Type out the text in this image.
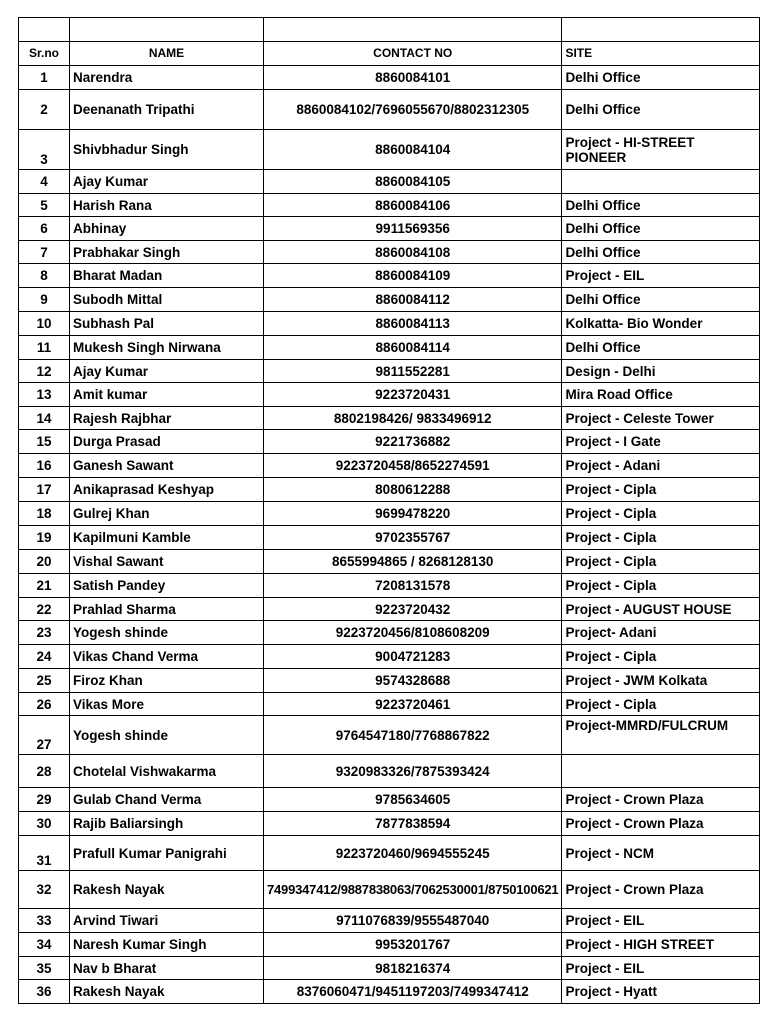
Sr.no	NAME	CONTACT NO	SITE
1	Narendra	8860084101	Delhi Office
2	Deenanath Tripathi	8860084102/7696055670/8802312305	Delhi Office
3	Shivbhadur Singh	8860084104	Project - HI-STREET PIONEER
4	Ajay Kumar	8860084105	
5	Harish Rana	8860084106	Delhi Office
6	Abhinay	9911569356	Delhi Office
7	Prabhakar Singh	8860084108	Delhi Office
8	Bharat Madan	8860084109	Project - EIL
9	Subodh Mittal	8860084112	Delhi Office
10	Subhash Pal	8860084113	Kolkatta- Bio Wonder
11	Mukesh Singh Nirwana	8860084114	Delhi Office
12	Ajay Kumar	9811552281	Design - Delhi
13	Amit kumar	9223720431	Mira Road Office
14	Rajesh Rajbhar	8802198426/ 9833496912	Project - Celeste Tower
15	Durga Prasad	9221736882	Project - I Gate
16	Ganesh Sawant	9223720458/8652274591	Project - Adani
17	Anikaprasad Keshyap	8080612288	Project - Cipla
18	Gulrej Khan	9699478220	Project - Cipla
19	Kapilmuni Kamble	9702355767	Project - Cipla
20	Vishal Sawant	8655994865 / 8268128130	Project - Cipla
21	Satish Pandey	7208131578	Project - Cipla
22	Prahlad Sharma	9223720432	Project - AUGUST HOUSE
23	Yogesh shinde	9223720456/8108608209	Project- Adani
24	Vikas Chand Verma	9004721283	Project - Cipla
25	Firoz Khan	9574328688	Project - JWM Kolkata
26	Vikas More	9223720461	Project - Cipla
27	Yogesh shinde	9764547180/7768867822	Project-MMRD/FULCRUM
28	Chotelal Vishwakarma	9320983326/7875393424	
29	Gulab Chand Verma	9785634605	Project - Crown Plaza
30	Rajib Baliarsingh	7877838594	Project - Crown Plaza
31	Prafull Kumar Panigrahi	9223720460/9694555245	Project - NCM
32	Rakesh Nayak	7499347412/9887838063/7062530001/8750100621	Project - Crown Plaza
33	Arvind Tiwari	9711076839/9555487040	Project - EIL
34	Naresh Kumar Singh	9953201767	Project - HIGH STREET
35	Nav b Bharat	9818216374	Project - EIL
36	Rakesh Nayak	8376060471/9451197203/7499347412	Project - Hyatt
